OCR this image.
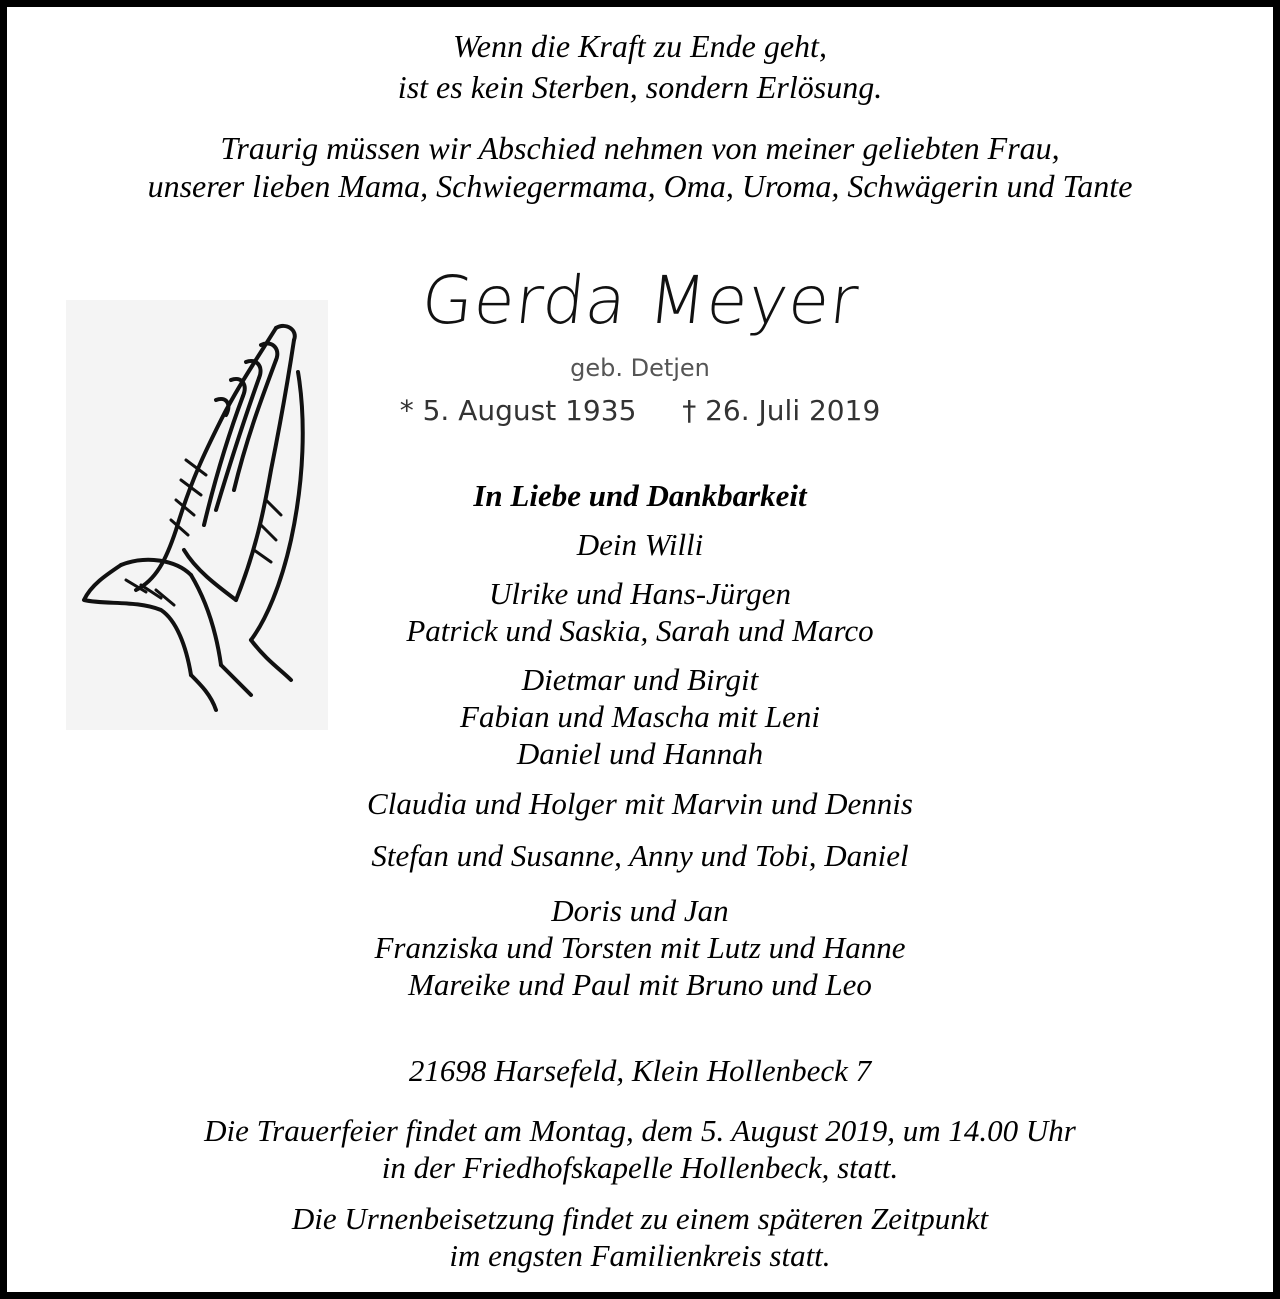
Wenn die Kraft zu Ende geht,
ist es kein Sterben, sondern Erlösung.
Traurig müssen wir Abschied nehmen von meiner geliebten Frau,
unserer lieben Mama, Schwiegermama, Oma, Uroma, Schwägerin und Tante
Gerda Meyer
geb. Detjen
* 5. August 1935 † 26. Juli 2019
In Liebe und Dankbarkeit
Dein Willi
Ulrike und Hans-Jürgen
Patrick und Saskia, Sarah und Marco
Dietmar und Birgit
Fabian und Mascha mit Leni
Daniel und Hannah
Claudia und Holger mit Marvin und Dennis
Stefan und Susanne, Anny und Tobi, Daniel
Doris und Jan
Franziska und Torsten mit Lutz und Hanne
Mareike und Paul mit Bruno und Leo
21698 Harsefeld, Klein Hollenbeck 7
Die Trauerfeier findet am Montag, dem 5. August 2019, um 14.00 Uhr
in der Friedhofskapelle Hollenbeck, statt.
Die Urnenbeisetzung findet zu einem späteren Zeitpunkt
im engsten Familienkreis statt.
